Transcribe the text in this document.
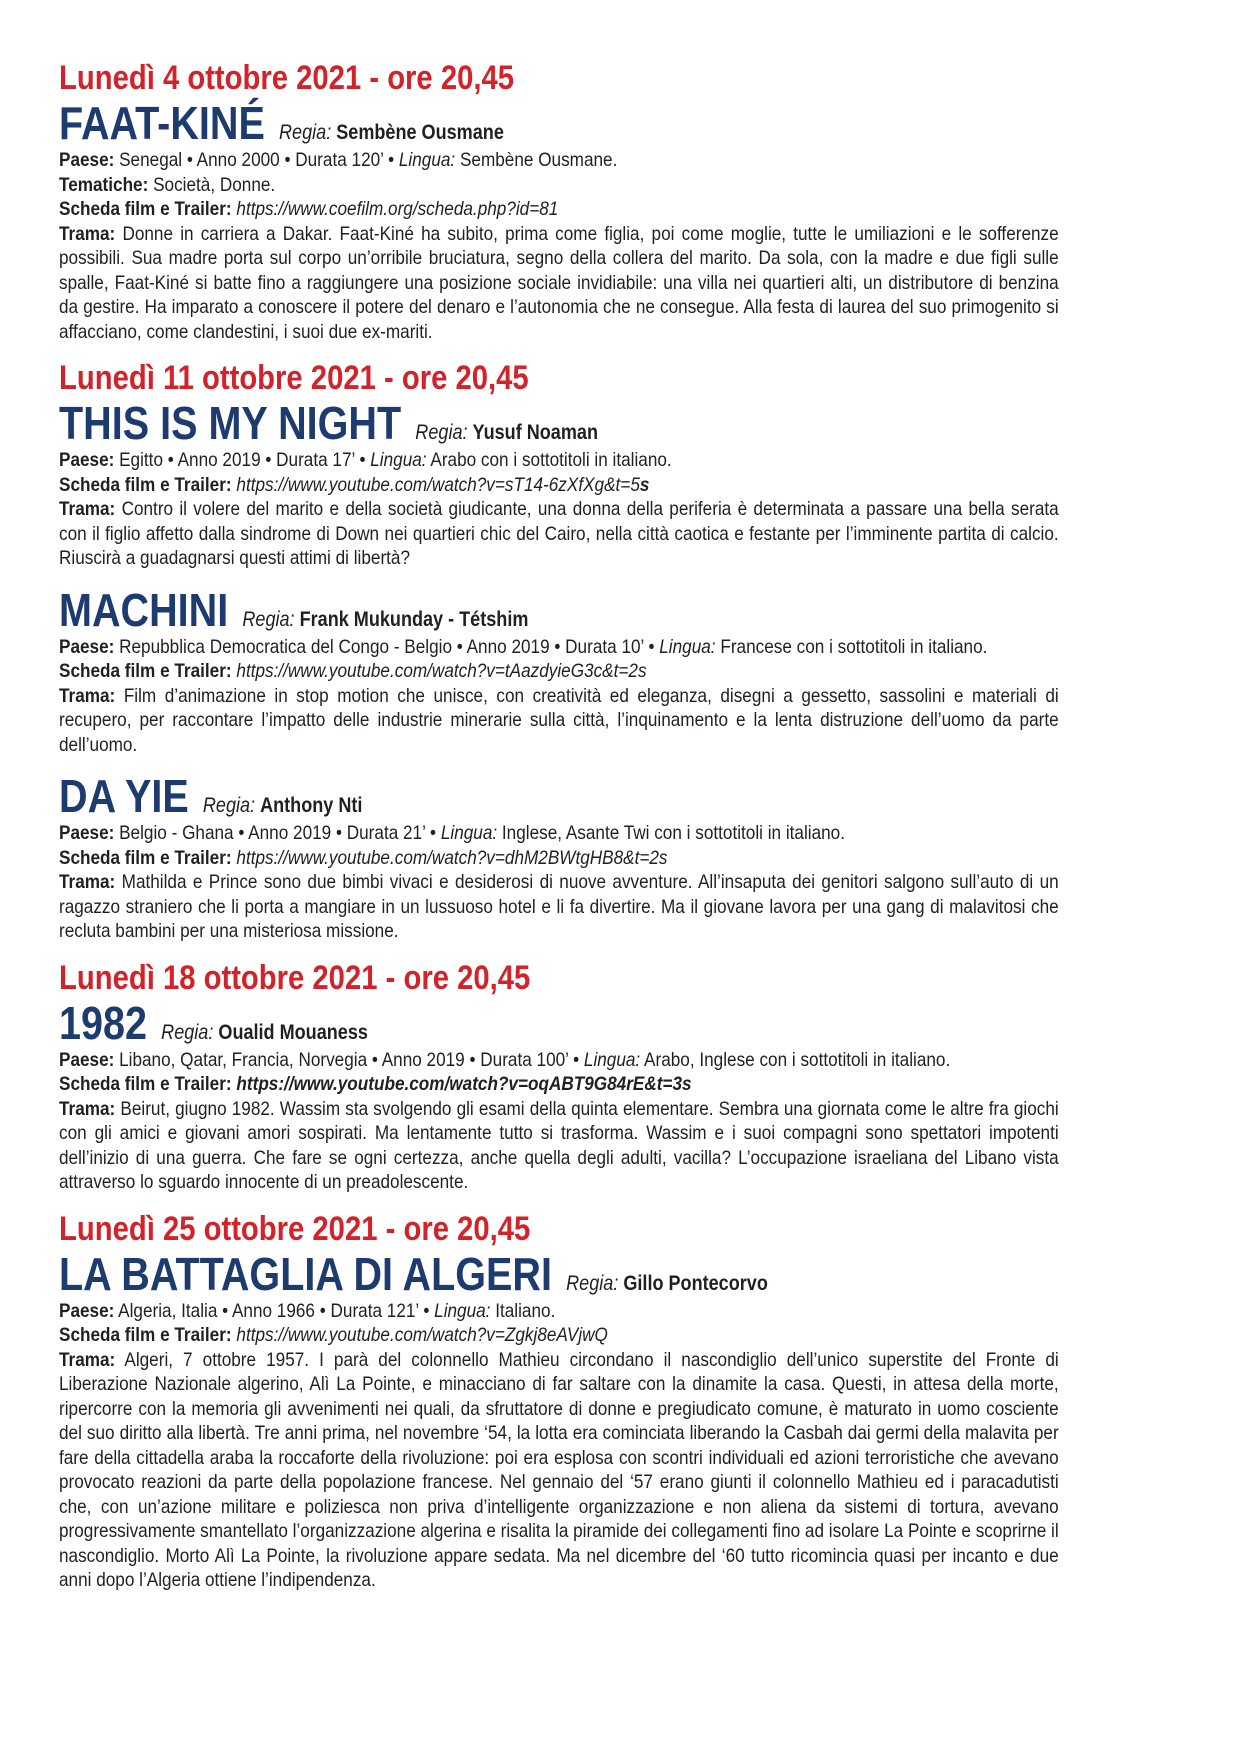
Lunedì 4 ottobre 2021 - ore 20,45
FAAT-KINÉ Regia: Sembène Ousmane

Paese: Senegal • Anno 2000 • Durata 120’ • Lingua: Sembène Ousmane.

Tematiche: Società, Donne.

Scheda film e Trailer: https://www.coefilm.org/scheda.php?id=81

Trama: Donne in carriera a Dakar. Faat-Kiné ha subito, prima come figlia, poi come moglie, tutte le umiliazioni e le sofferenze possibili. Sua madre porta sul corpo un’orribile bruciatura, segno della collera del marito. Da sola, con la madre e due figli sulle spalle, Faat-Kiné si batte fino a raggiungere una posizione sociale invidiabile: una villa nei quartieri alti, un distributore di benzina da gestire. Ha imparato a conoscere il potere del denaro e l’autonomia che ne consegue. Alla festa di laurea del suo primogenito si affacciano, come clandestini, i suoi due ex-mariti.

Lunedì 11 ottobre 2021 - ore 20,45
THIS IS MY NIGHT Regia: Yusuf Noaman

Paese: Egitto • Anno 2019 • Durata 17’ • Lingua: Arabo con i sottotitoli in italiano.

Scheda film e Trailer: https://www.youtube.com/watch?v=sT14-6zXfXg&t=5s

Trama: Contro il volere del marito e della società giudicante, una donna della periferia è determinata a passare una bella serata con il figlio affetto dalla sindrome di Down nei quartieri chic del Cairo, nella città caotica e festante per l’imminente partita di calcio. Riuscirà a guadagnarsi questi attimi di libertà?

MACHINI Regia: Frank Mukunday - Tétshim

Paese: Repubblica Democratica del Congo - Belgio • Anno 2019 • Durata 10’ • Lingua: Francese con i sottotitoli in italiano.

Scheda film e Trailer: https://www.youtube.com/watch?v=tAazdyieG3c&t=2s

Trama: Film d’animazione in stop motion che unisce, con creatività ed eleganza, disegni a gessetto, sassolini e materiali di recupero, per raccontare l’impatto delle industrie minerarie sulla città, l’inquinamento e la lenta distruzione dell’uomo da parte dell’uomo.

DA YIE Regia: Anthony Nti

Paese: Belgio - Ghana • Anno 2019 • Durata 21’ • Lingua: Inglese, Asante Twi con i sottotitoli in italiano.

Scheda film e Trailer: https://www.youtube.com/watch?v=dhM2BWtgHB8&t=2s

Trama: Mathilda e Prince sono due bimbi vivaci e desiderosi di nuove avventure. All’insaputa dei genitori salgono sull’auto di un ragazzo straniero che li porta a mangiare in un lussuoso hotel e li fa divertire. Ma il giovane lavora per una gang di malavitosi che recluta bambini per una misteriosa missione.

Lunedì 18 ottobre 2021 - ore 20,45
1982 Regia: Oualid Mouaness

Paese: Libano, Qatar, Francia, Norvegia • Anno 2019 • Durata 100’ • Lingua: Arabo, Inglese con i sottotitoli in italiano.

Scheda film e Trailer: https://www.youtube.com/watch?v=oqABT9G84rE&t=3s

Trama: Beirut, giugno 1982. Wassim sta svolgendo gli esami della quinta elementare. Sembra una giornata come le altre fra giochi con gli amici e giovani amori sospirati. Ma lentamente tutto si trasforma. Wassim e i suoi compagni sono spettatori impotenti dell’inizio di una guerra. Che fare se ogni certezza, anche quella degli adulti, vacilla? L’occupazione israeliana del Libano vista attraverso lo sguardo innocente di un preadolescente.

Lunedì 25 ottobre 2021 - ore 20,45
LA BATTAGLIA DI ALGERI Regia: Gillo Pontecorvo

Paese: Algeria, Italia • Anno 1966 • Durata 121’ • Lingua: Italiano.

Scheda film e Trailer: https://www.youtube.com/watch?v=Zgkj8eAVjwQ

Trama: Algeri, 7 ottobre 1957. I parà del colonnello Mathieu circondano il nascondiglio dell’unico superstite del Fronte di Liberazione Nazionale algerino, Alì La Pointe, e minacciano di far saltare con la dinamite la casa. Questi, in attesa della morte, ripercorre con la memoria gli avvenimenti nei quali, da sfruttatore di donne e pregiudicato comune, è maturato in uomo cosciente del suo diritto alla libertà. Tre anni prima, nel novembre ‘54, la lotta era cominciata liberando la Casbah dai germi della malavita per fare della cittadella araba la roccaforte della rivoluzione: poi era esplosa con scontri individuali ed azioni terroristiche che avevano provocato reazioni da parte della popolazione francese. Nel gennaio del ‘57 erano giunti il colonnello Mathieu ed i paracadutisti che, con un’azione militare e poliziesca non priva d’intelligente organizzazione e non aliena da sistemi di tortura, avevano progressivamente smantellato l’organizzazione algerina e risalita la piramide dei collegamenti fino ad isolare La Pointe e scoprirne il nascondiglio. Morto Alì La Pointe, la rivoluzione appare sedata. Ma nel dicembre del ‘60 tutto ricomincia quasi per incanto e due anni dopo l’Algeria ottiene l’indipendenza.
